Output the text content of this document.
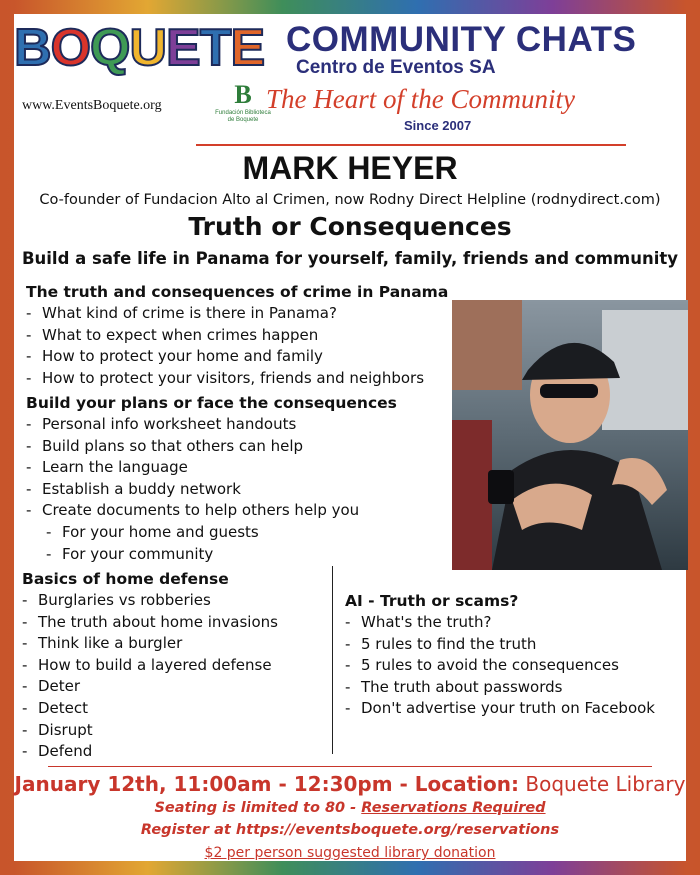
B O Q U E T E COMMUNITY CHATS
Centro de Eventos SA
www.EventsBoquete.org	B
Fundación Biblioteca de Boquete
The Heart of the Community
Since 2007
MARK HEYER
Co-founder of Fundacion Alto al Crimen, now Rodny Direct Helpline (rodnydirect.com)
Truth or Consequences
Build a safe life in Panama for yourself, family, friends and community
The truth and consequences of crime in Panama
- What kind of crime is there in Panama?
- What to expect when crimes happen
- How to protect your home and family
- How to protect your visitors, friends and neighbors
Build your plans or face the consequences
- Personal info worksheet handouts
- Build plans so that others can help
- Learn the language
- Establish a buddy network
- Create documents to help others help you
- For your home and guests
- For your community
Basics of home defense
- Burglaries vs robberies
- The truth about home invasions
- Think like a burgler
- How to build a layered defense
- Deter
- Detect
- Disrupt
- Defend
AI - Truth or scams?
- What's the truth?
- 5 rules to find the truth
- 5 rules to avoid the consequences
- The truth about passwords
- Don't advertise your truth on Facebook
January 12th, 11:00am - 12:30pm - Location: Boquete Library
Seating is limited to 80 - Reservations Required
Register at https://eventsboquete.org/reservations
$2 per person suggested library donation
